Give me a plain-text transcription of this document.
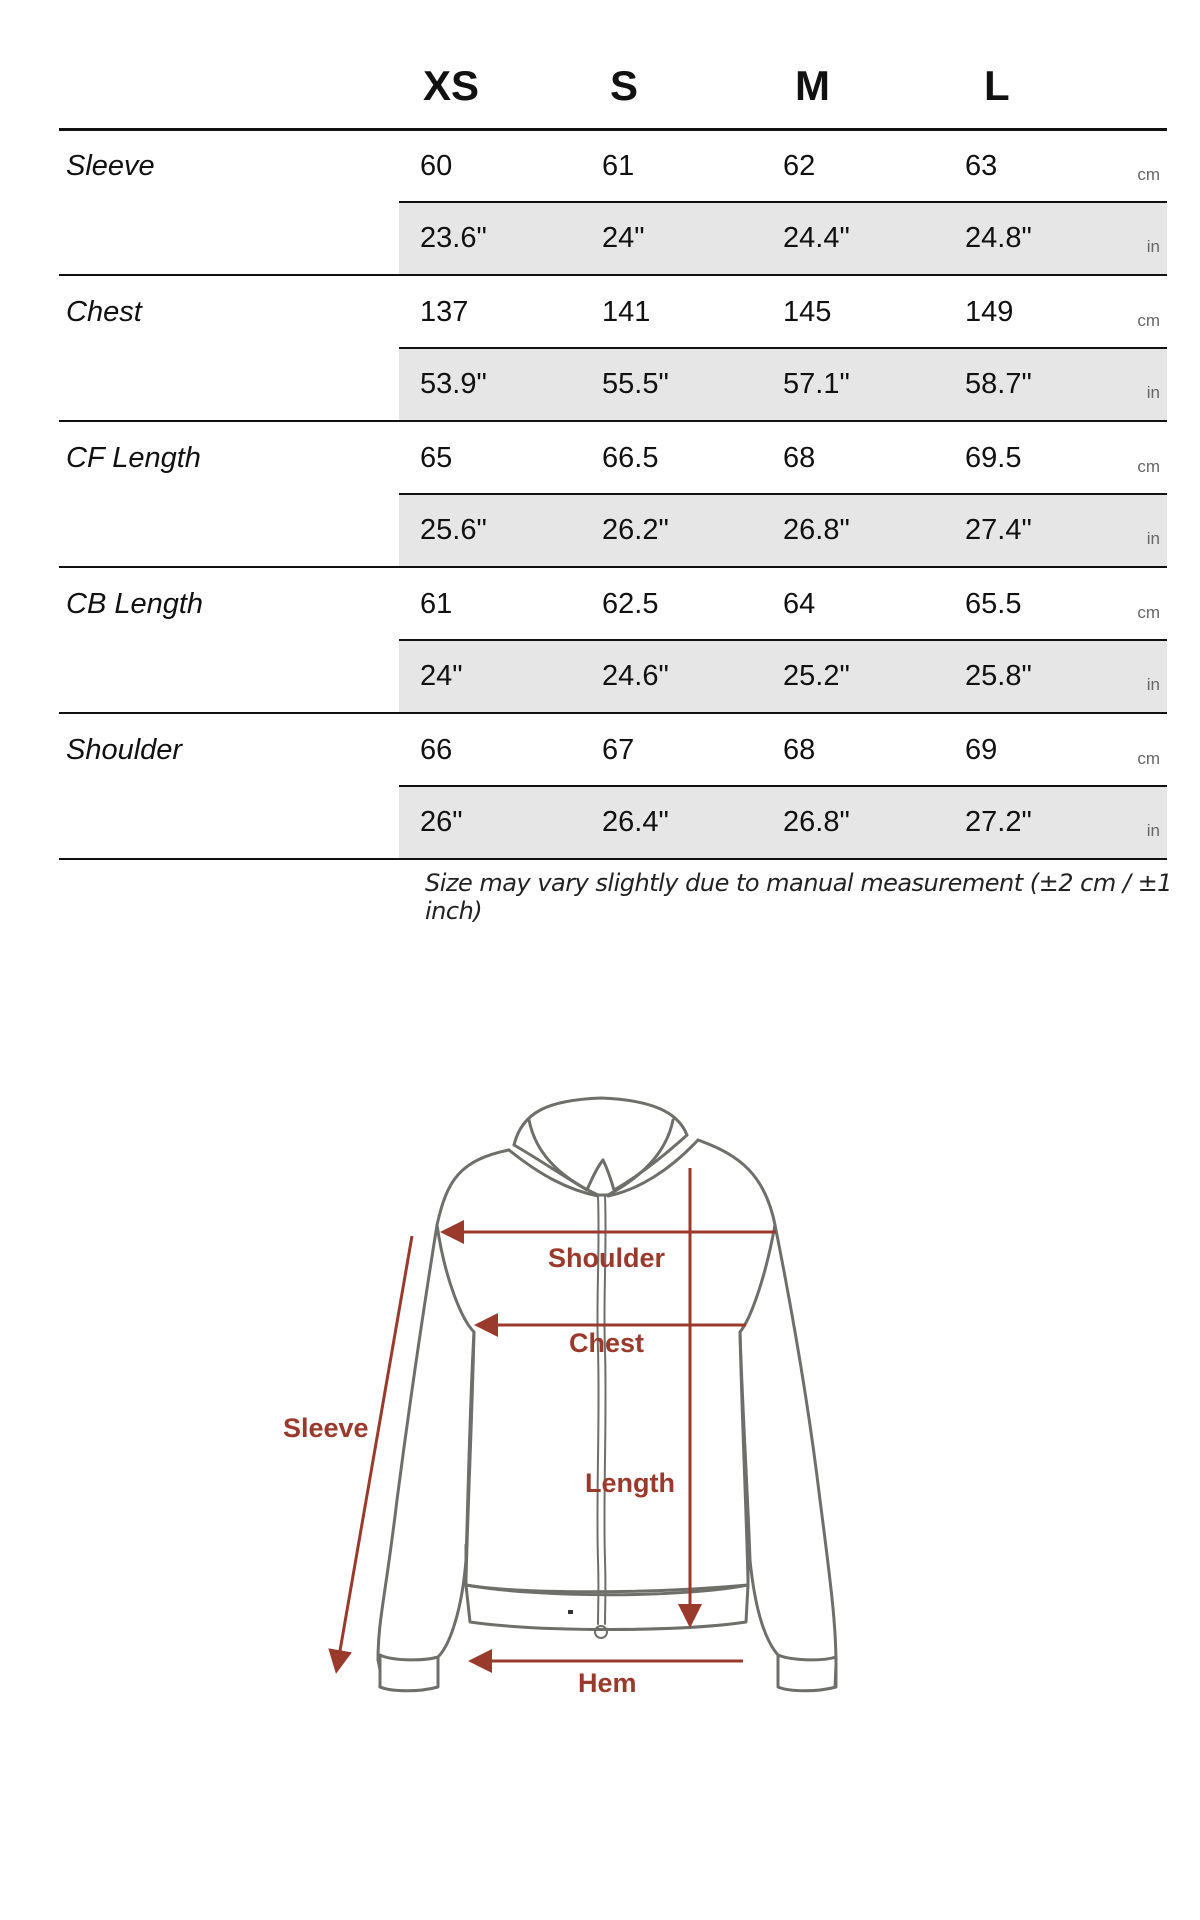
XS	S	M	L
Sleeve	60	61	62	63	cm
23.6"	24"	24.4"	24.8"	in
Chest	137	141	145	149	cm
53.9"	55.5"	57.1"	58.7"	in
CF Length	65	66.5	68	69.5	cm
25.6"	26.2"	26.8"	27.4"	in
CB Length	61	62.5	64	65.5	cm
24"	24.6"	25.2"	25.8"	in
Shoulder	66	67	68	69	cm
26"	26.4"	26.8"	27.2"	in
Size may vary slightly due to manual measurement (±2 cm / ±1 inch)
Shoulder
Chest
Sleeve
Length
Hem
